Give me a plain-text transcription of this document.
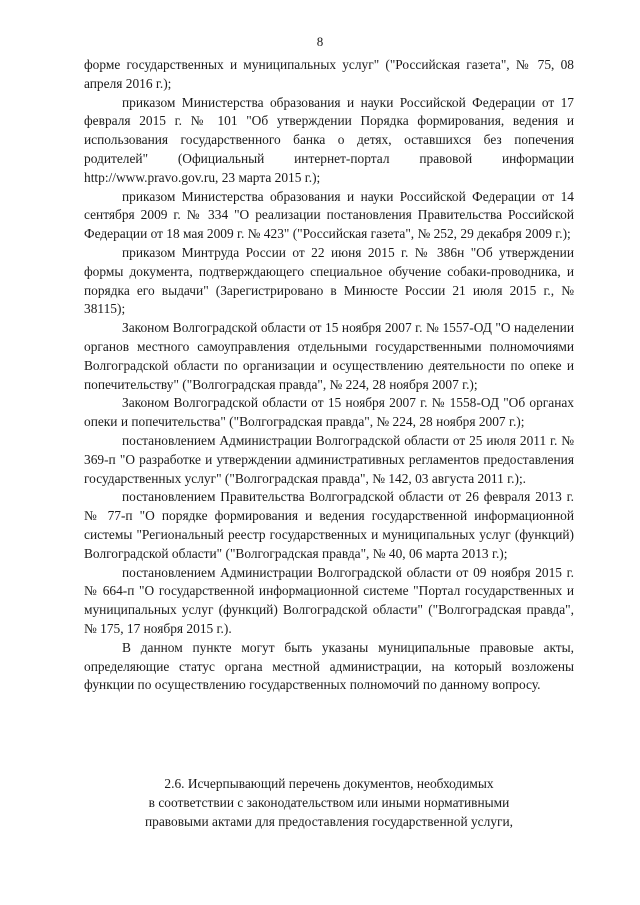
8

форме государственных и муниципальных услуг" ("Российская газета", № 75, 08 апреля 2016 г.);

приказом Министерства образования и науки Российской Федерации от 17 февраля 2015 г. № 101 "Об утверждении Порядка формирования, ведения и использования государственного банка о детях, оставшихся без попечения родителей" (Официальный интернет-портал правовой информации http://www.pravo.gov.ru, 23 марта 2015 г.);

приказом Министерства образования и науки Российской Федерации от 14 сентября 2009 г. № 334 "О реализации постановления Правительства Российской Федерации от 18 мая 2009 г. № 423" ("Российская газета", № 252, 29 декабря 2009 г.);

приказом Минтруда России от 22 июня 2015 г. № 386н "Об утверждении формы документа, подтверждающего специальное обучение собаки-проводника, и порядка его выдачи" (Зарегистрировано в Минюсте России 21 июля 2015 г., № 38115);

Законом Волгоградской области от 15 ноября 2007 г. № 1557-ОД "О наделении органов местного самоуправления отдельными государственными полномочиями Волгоградской области по организации и осуществлению деятельности по опеке и попечительству" ("Волгоградская правда", № 224, 28 ноября 2007 г.);

Законом Волгоградской области от 15 ноября 2007 г. № 1558-ОД "Об органах опеки и попечительства" ("Волгоградская правда", № 224, 28 ноября 2007 г.);

постановлением Администрации Волгоградской области от 25 июля 2011 г. № 369-п "О разработке и утверждении административных регламентов предоставления государственных услуг" ("Волгоградская правда", № 142, 03 августа 2011 г.);.

постановлением Правительства Волгоградской области от 26 февраля 2013 г. № 77-п "О порядке формирования и ведения государственной информационной системы "Региональный реестр государственных и муниципальных услуг (функций) Волгоградской области" ("Волгоградская правда", № 40, 06 марта 2013 г.);

постановлением Администрации Волгоградской области от 09 ноября 2015 г. № 664-п "О государственной информационной системе "Портал государственных и муниципальных услуг (функций) Волгоградской области" ("Волгоградская правда", № 175, 17 ноября 2015 г.).

В данном пункте могут быть указаны муниципальные правовые акты, определяющие статус органа местной администрации, на который возложены функции по осуществлению государственных полномочий по данному вопросу.

2.6. Исчерпывающий перечень документов, необходимых
в соответствии с законодательством или иными нормативными
правовыми актами для предоставления государственной услуги,
